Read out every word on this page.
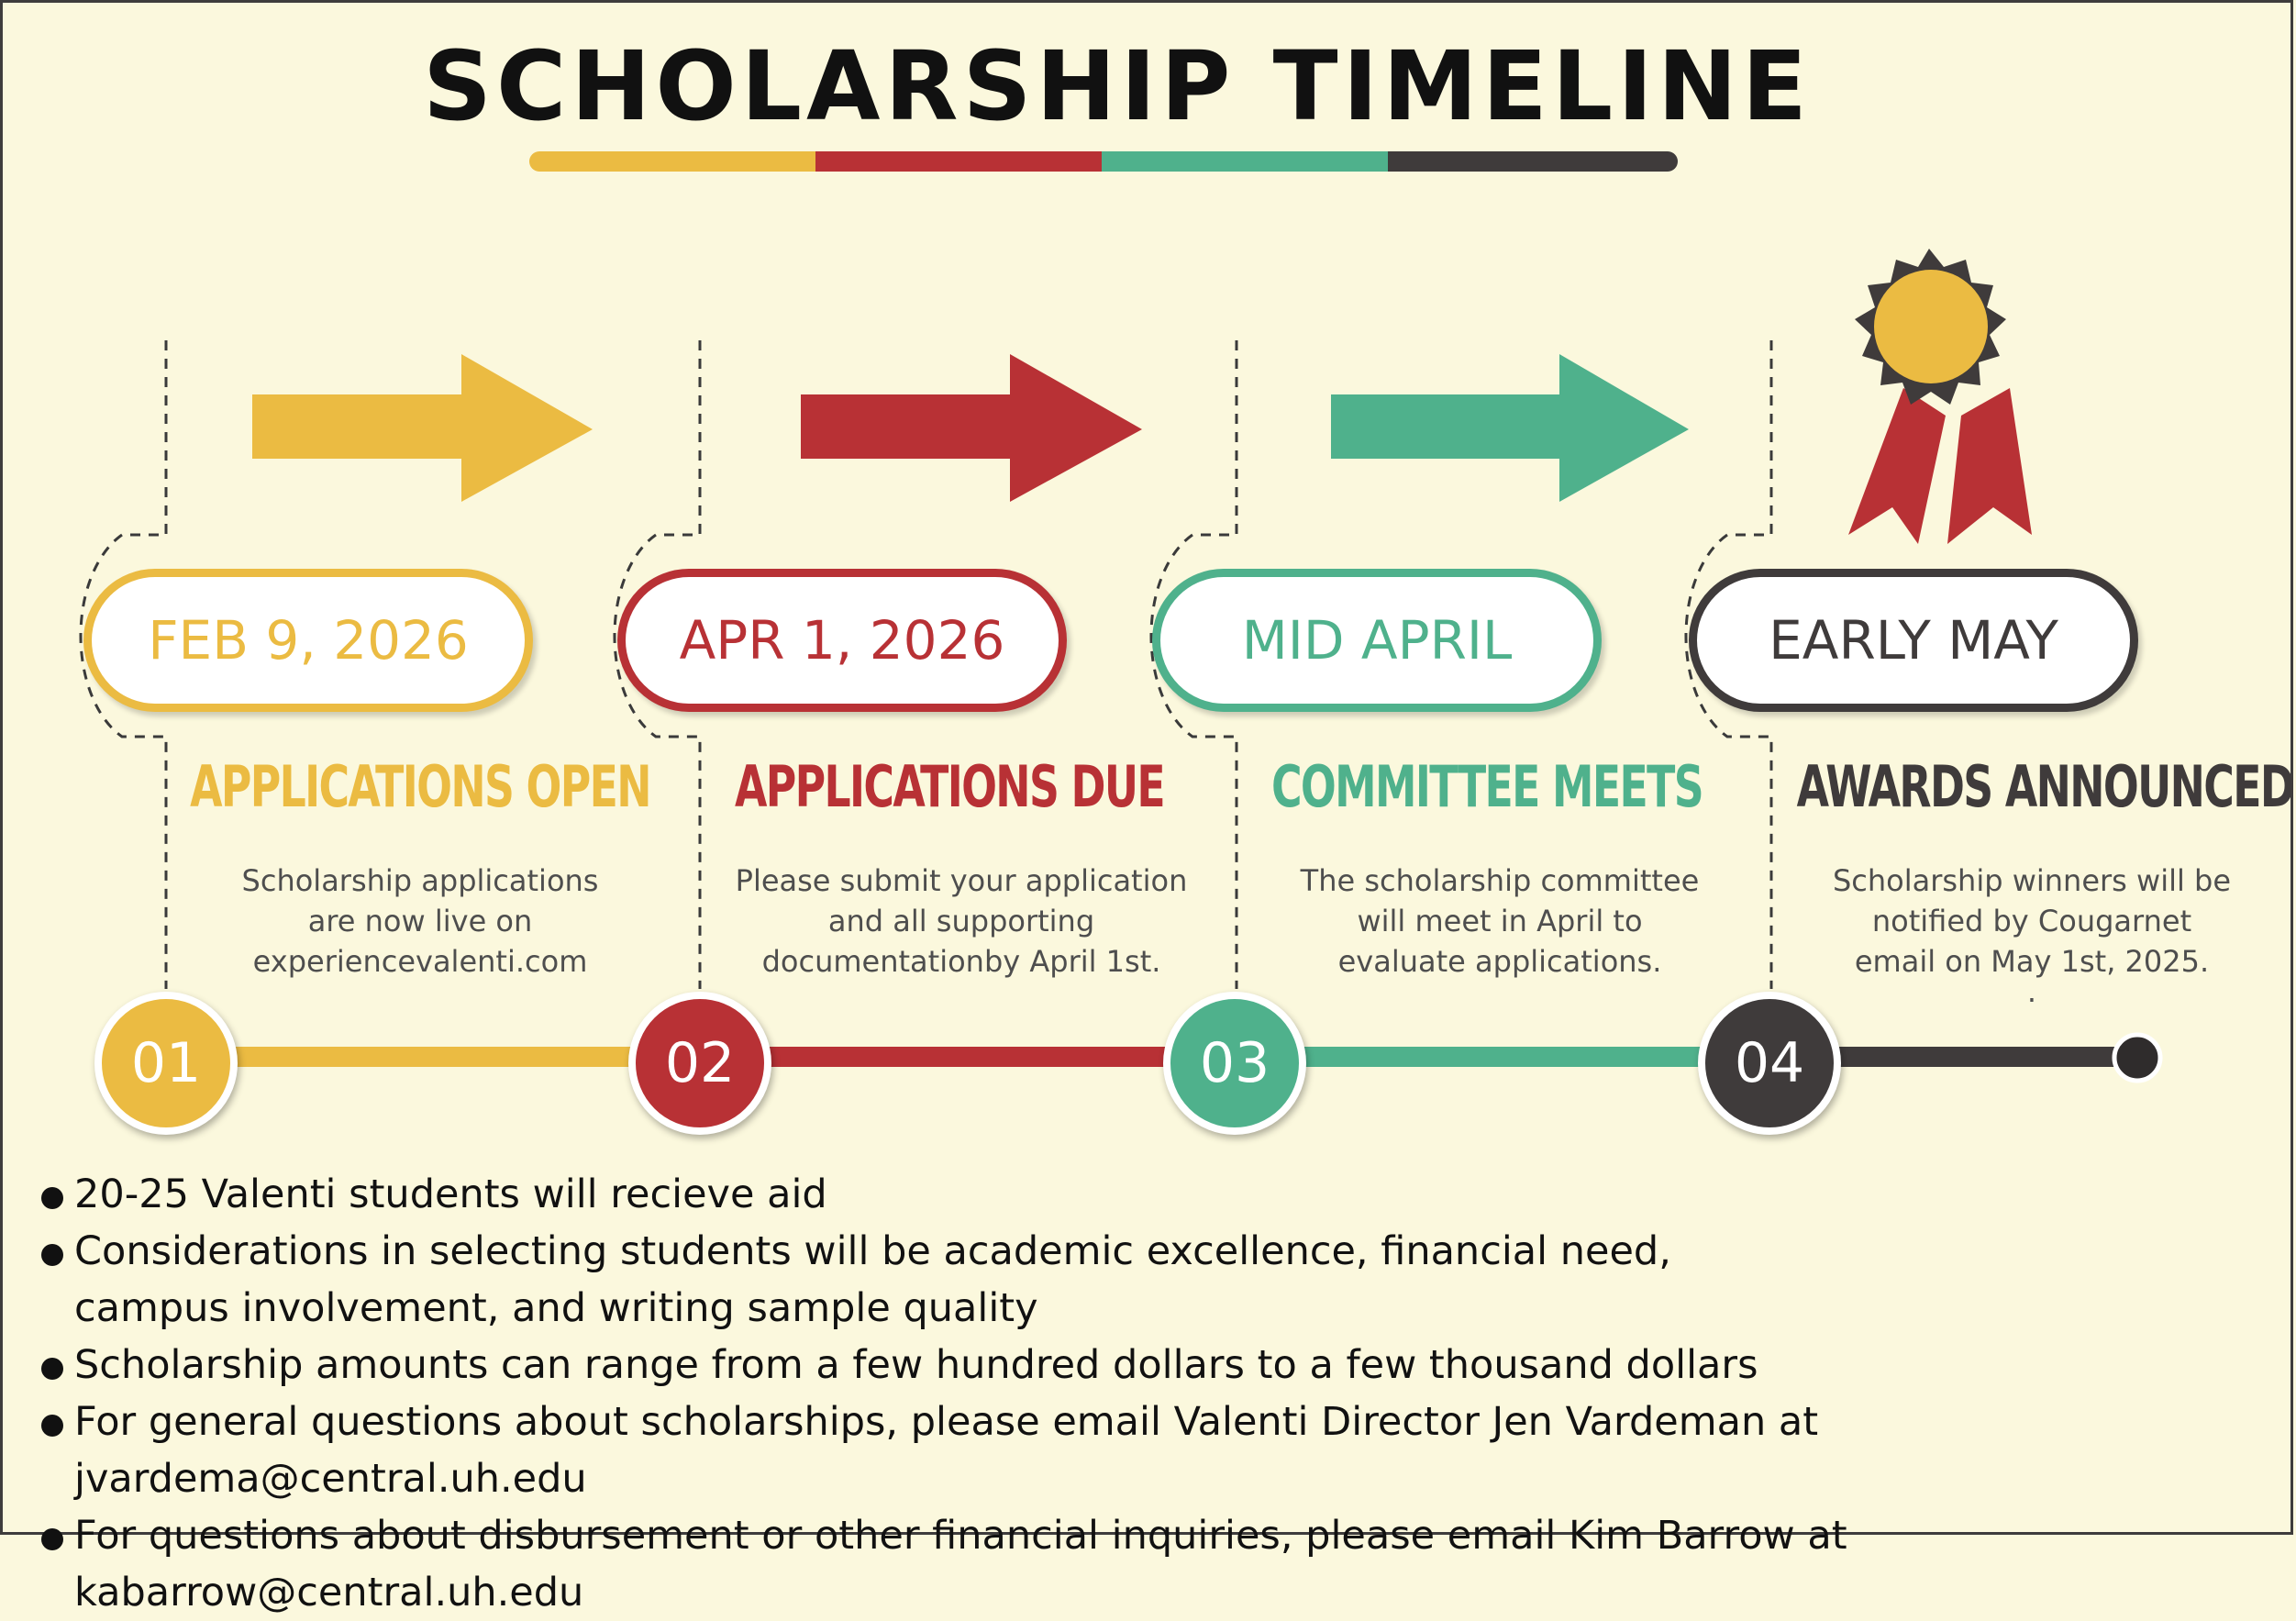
SCHOLARSHIP TIMELINE
FEB 9, 2026	APR 1, 2026	MID APRIL	EARLY MAY
APPLICATIONS OPEN	APPLICATIONS DUE	COMMITTEE MEETS	AWARDS ANNOUNCED
Scholarship applications
are now live on
experiencevalenti.com
Please submit your application
and all supporting
documentationby April 1st.
The scholarship committee
will meet in April to
evaluate applications.
Scholarship winners will be
notified by Cougarnet
email on May 1st, 2025.
.
01	02	03	04
20-25 Valenti students will recieve aid
Considerations in selecting students will be academic excellence, financial need,
campus involvement, and writing sample quality
Scholarship amounts can range from a few hundred dollars to a few thousand dollars
For general questions about scholarships, please email Valenti Director Jen Vardeman at jvardema@central.uh.edu
For questions about disbursement or other financial inquiries, please email Kim Barrow at kabarrow@central.uh.edu
